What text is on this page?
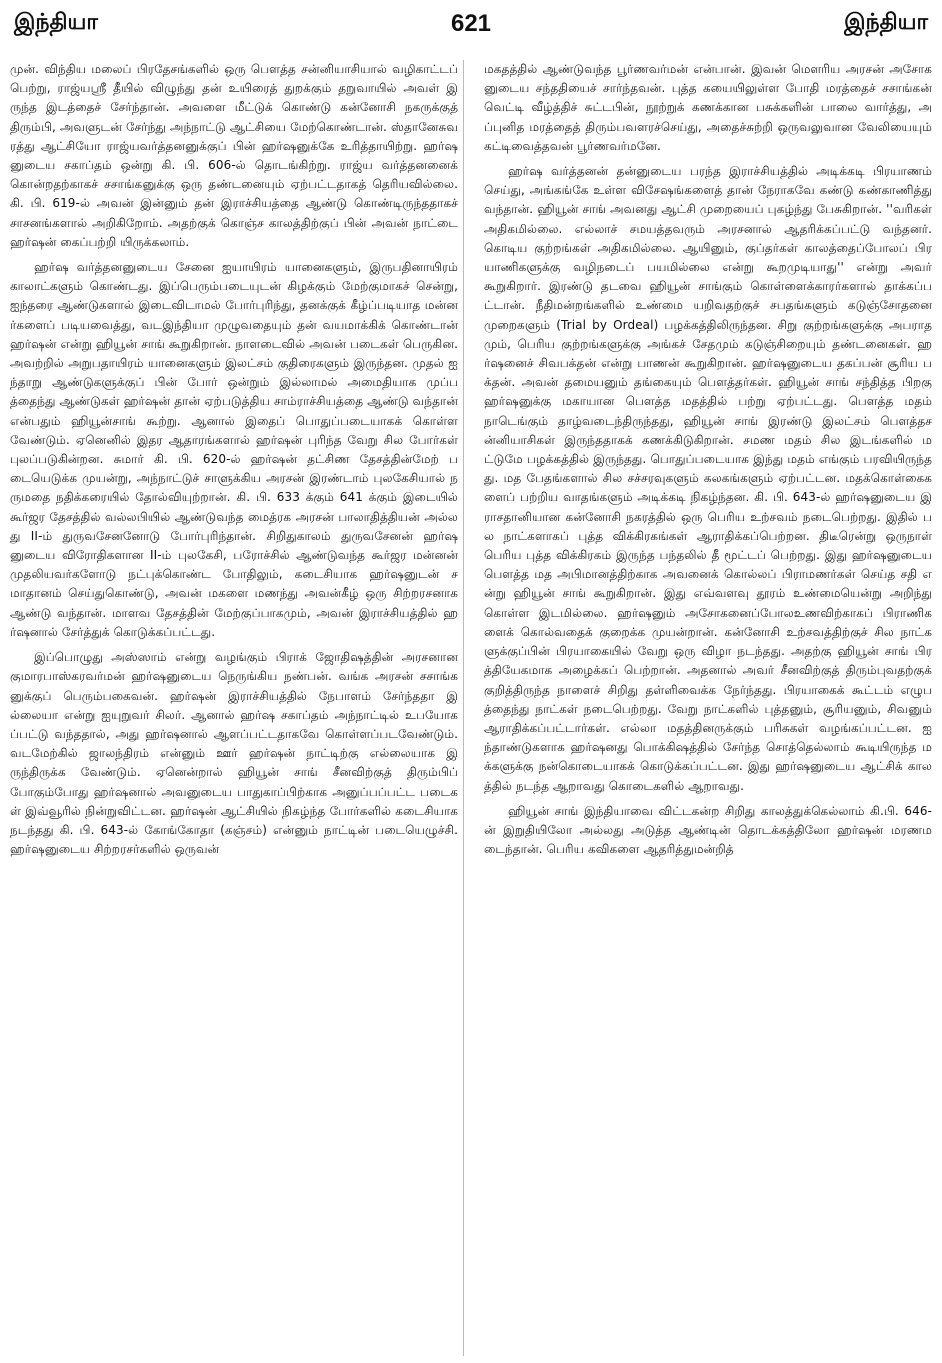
இந்தியா	621	இந்தியா

முன். விந்திய மலைப் பிரதேசங்களில் ஒரு பௌத்த சன்னியாசியால் வழிகாட்டப் பெற்று, ராஜ்யஸ்ரீ தீயில் விழுந்து தன் உயிரைத் துறக்கும் தறுவாயில் அவள் இருந்த இடத்தைச் சேர்ந்தான். அவளை மீட்டுக் கொண்டு கன்னோசி நகருக்குத் திரும்பி, அவளுடன் சேர்ந்து அந்நாட்டு ஆட்சியை மேற்கொண்டான். ஸ்தானேசுவரத்து ஆட்சியோ ராஜ்யவர்த்தனனுக்குப் பின் ஹர்ஷனுக்கே உரித்தாயிற்று. ஹர்ஷனுடைய சகாப்தம் ஒன்று கி. பி. 606-ல் தொடங்கிற்று. ராஜ்ய வர்த்தனனைக் கொன்றதற்காகச் சசாங்கனுக்கு ஒரு தண்டனையும் ஏற்பட்டதாகத் தெரியவில்லை. கி. பி. 619-ல் அவன் இன்னும் தன் இராச்சியத்தை ஆண்டு கொண்டிருந்ததாகச் சாசனங்களால் அறிகிறோம். அதற்குக் கொஞ்ச காலத்திற்குப் பின் அவன் நாட்டை ஹர்ஷன் கைப்பற்றி யிருக்கலாம்.

ஹர்ஷ வர்த்தனனுடைய சேனை ஐயாயிரம் யானைகளும், இருபதினாயிரம் காலாட்களும் கொண்டது. இப்பெரும்படையுடன் கிழக்கும் மேற்குமாகச் சென்று, ஐந்தரை ஆண்டுகளால் இடைவிடாமல் போர்புரிந்து, தனக்குக் கீழ்ப்படியாத மன்னர்களைப் படியவைத்து, வடஇந்தியா முழுவதையும் தன் வயமாக்கிக் கொண்டான் ஹர்ஷன் என்று ஹியூன் சாங் கூறுகிறான். நாளடைவில் அவன் படைகள் பெருகின. அவற்றில் அறுபதாயிரம் யானைகளும் இலட்சம் குதிரைகளும் இருந்தன. முதல் ஐந்தாறு ஆண்டுகளுக்குப் பின் போர் ஒன்றும் இல்லாமல் அமைதியாக முப்பத்தைந்து ஆண்டுகள் ஹர்ஷன் தான் ஏற்படுத்திய சாம்ராச்சியத்தை ஆண்டு வந்தான் என்பதும் ஹியூன்சாங் கூற்று. ஆனால் இதைப் பொதுப்படையாகக் கொள்ளவேண்டும். ஏனெனில் இதர ஆதாரங்களால் ஹர்ஷன் புரிந்த வேறு சில போர்கள் புலப்படுகின்றன. சுமார் கி. பி. 620-ல் ஹர்ஷன் தட்சிண தேசத்தின்மேற் படையெடுக்க முயன்று, அந்நாட்டுச் சாளுக்கிய அரசன் இரண்டாம் புலகேசியால் நருமதை நதிக்கரையில் தோல்வியுற்றான். கி. பி. 633 க்கும் 641 க்கும் இடையில் கூர்ஜர தேசத்தில் வல்லபியில் ஆண்டுவந்த மைத்ரக அரசன் பாலாதித்தியன் அல்லது II-ம் துருவசேனனோடு போர்புரிந்தான். சிறிதுகாலம் துருவசேனன் ஹர்ஷனுடைய விரோதிகளான II-ம் புலகேசி, பரோச்சில் ஆண்டுவந்த கூர்ஜர மன்னன் முதலியவர்களோடு நட்புக்கொண்ட போதிலும், கடைசியாக ஹர்ஷனுடன் சமாதானம் செய்துகொண்டு, அவன் மகளை மணந்து அவன்கீழ் ஒரு சிற்றரசனாக ஆண்டு வந்தான். மாளவ தேசத்தின் மேற்குப்பாகமும், அவன் இராச்சியத்தில் ஹர்ஷனால் சேர்த்துக் கொடுக்கப்பட்டது.

இப்பொழுது அஸ்ஸாம் என்று வழங்கும் பிராக் ஜோதிஷத்தின் அரசனான குமாரபாஸ்கரவர்மன் ஹர்ஷனுடைய நெருங்கிய நண்பன். வங்க அரசன் சசாங்கனுக்குப் பெரும்பகைவன். ஹர்ஷன் இராச்சியத்தில் நேபாளம் சேர்ந்ததா இல்லையா என்று ஐயுறுவர் சிலர். ஆனால் ஹர்ஷ சகாப்தம் அந்நாட்டில் உபயோகப்பட்டு வந்ததால், அது ஹர்ஷனால் ஆளப்பட்டதாகவே கொள்ளப்படவேண்டும். வடமேற்கில் ஜாலந்திரம் என்னும் ஊர் ஹர்ஷன் நாட்டிற்கு எல்லையாக இருந்திருக்க வேண்டும். ஏனென்றால் ஹியூன் சாங் சீனவிற்குத் திரும்பிப் போகும்போது ஹர்ஷனால் அவனுடைய பாதுகாப்பிற்காக அனுப்பப்பட்ட படைகள் இவ்வூரில் நின்றுவிட்டன. ஹர்ஷன் ஆட்சியில் நிகழ்ந்த போர்களில் கடைசியாக நடந்தது கி. பி. 643-ல் கோங்கோதா (கஞ்சம்) என்னும் நாட்டின் படையெழுச்சி. ஹர்ஷனுடைய சிற்றரசர்களில் ஒருவன்

மகதத்தில் ஆண்டுவந்த பூர்ணவர்மன் என்பான். இவன் மௌரிய அரசன் அசோகனுடைய சந்ததியைச் சார்ந்தவன். புத்த கயையிலுள்ள போதி மரத்தைச் சசாங்கன் வெட்டி வீழ்த்திச் சுட்டபின், நூற்றுக் கணக்கான பசுக்களின் பாலை வார்த்து, அப்புனித மரத்தைத் திரும்பவளரச்செய்து, அதைச்சுற்றி ஒருவலுவான வேலியையும் கட்டிவைத்தவன் பூர்ணவர்மனே.

ஹர்ஷ வர்த்தனன் தன்னுடைய பரந்த இராச்சியத்தில் அடிக்கடி பிரயாணம் செய்து, அங்கங்கே உள்ள விசேஷங்களைத் தான் நேராகவே கண்டு கண்காணித்து வந்தான். ஹியூன் சாங் அவனது ஆட்சி முறையைப் புகழ்ந்து பேசுகிறான். ''வரிகள் அதிகமில்லை. எல்லாச் சமயத்தவரும் அரசனால் ஆதரிக்கப்பட்டு வந்தனர். கொடிய குற்றங்கள் அதிகமில்லை. ஆயினும், குப்தர்கள் காலத்தைப்போலப் பிரயாணிகளுக்கு வழிநடைப் பயமில்லை என்று கூறமுடியாது'' என்று அவர் கூறுகிறார். இரண்டு தடவை ஹியூன் சாங்கும் கொள்ளைக்காரர்களால் தாக்கப்பட்டான். நீதிமன்றங்களில் உண்மை யறிவதற்குச் சபதங்களும் கடுஞ்சோதனை முறைகளும் (Trial by Ordeal) பழக்கத்திலிருந்தன. சிறு குற்றங்களுக்கு அபராதமும், பெரிய குற்றங்களுக்கு அங்கச் சேதமும் கடுஞ்சிறையும் தண்டனைகள். ஹர்ஷனைச் சிவபக்தன் என்று பாணன் கூறுகிறான். ஹர்ஷனுடைய தகப்பன் சூரிய பக்தன். அவன் தமையனும் தங்கையும் பௌத்தர்கள். ஹியூன் சாங் சந்தித்த பிறகு ஹர்ஷனுக்கு மகாயான பௌத்த மதத்தில் பற்று ஏற்பட்டது. பௌத்த மதம் நாடெங்கும் தாழ்வடைந்திருந்தது, ஹியூன் சாங் இரண்டு இலட்சம் பௌத்தசன்னியாசிகள் இருந்ததாகக் கணக்கிடுகிறான். சமண மதம் சில இடங்களில் மட்டுமே பழக்கத்தில் இருந்தது. பொதுப்படையாக இந்து மதம் எங்கும் பரவியிருந்தது. மத பேதங்களால் சில சச்சரவுகளும் கலகங்களும் ஏற்பட்டன. மதக்கொள்கைகளைப் பற்றிய வாதங்களும் அடிக்கடி நிகழ்ந்தன. கி. பி. 643-ல் ஹர்ஷனுடைய இராசதானியான கன்னோசி நகரத்தில் ஒரு பெரிய உற்சவம் நடைபெற்றது. இதில் பல நாட்களாகப் புத்த விக்கிரகங்கள் ஆராதிக்கப்பெற்றன. திடீரென்று ஒருநாள் பெரிய புத்த விக்கிரகம் இருந்த பந்தலில் தீ மூட்டப் பெற்றது. இது ஹர்ஷனுடைய பௌத்த மத அபிமானத்திற்காக அவனைக் கொல்லப் பிராமணர்கள் செய்த சதி என்று ஹியூன் சாங் கூறுகிறான். இது எவ்வளவு தூரம் உண்மையென்று அறிந்து கொள்ள இடமில்லை. ஹர்ஷனும் அசோகனைப்போலஉணவிற்காகப் பிராணிகளைக் கொல்வதைக் குறைக்க முயன்றான். கன்னோசி உற்சவத்திற்குச் சில நாட்களுக்குப்பின் பிரயாகையில் வேறு ஒரு விழா நடந்தது. அதற்கு ஹியூன் சாங் பிரத்தியேகமாக அழைக்கப் பெற்றான். அதனால் அவர் சீனவிற்குத் திரும்புவதற்குக் குறித்திருந்த நாளைச் சிறிது தள்ளிவைக்க நேர்ந்தது. பிரயாகைக் கூட்டம் எழுபத்தைந்து நாட்கள் நடைபெற்றது. வேறு நாட்களில் புத்தனும், சூரியனும், சிவனும் ஆராதிக்கப்பட்டார்கள். எல்லா மதத்தினருக்கும் பரிசுகள் வழங்கப்பட்டன. ஐந்தாண்டுகளாக ஹர்ஷனது பொக்கிஷத்தில் சேர்ந்த சொத்தெல்லாம் கூடியிருந்த மக்களுக்கு நன்கொடையாகக் கொடுக்கப்பட்டன. இது ஹர்ஷனுடைய ஆட்சிக் காலத்தில் நடந்த ஆறாவது கொடைகளில் ஆறாவது.

ஹியூன் சாங் இந்தியாவை விட்டகன்ற சிறிது காலத்துக்கெல்லாம் கி.பி. 646-ன் இறுதியிலோ அல்லது அடுத்த ஆண்டின் தொடக்கத்திலோ ஹர்ஷன் மரணமடைந்தான். பெரிய கவிகளை ஆதரித்துமன்றித்
